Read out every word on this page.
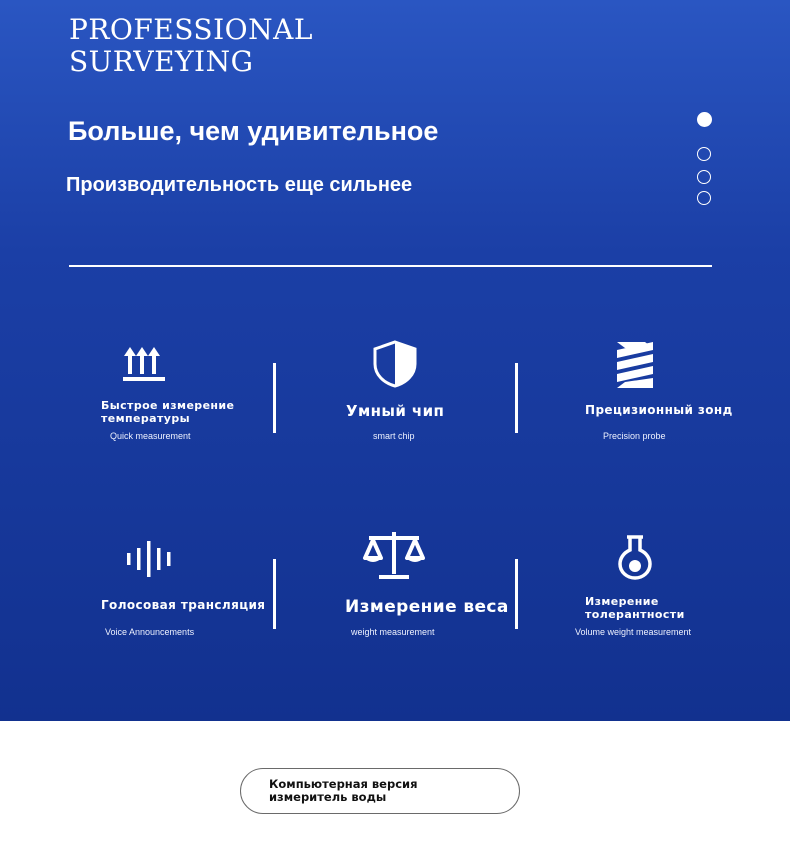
PROFESSIONAL
SURVEYING
Больше, чем удивительное
Производительность еще сильнее
Быстрое измерение температуры
Quick measurement
Умный чип
smart chip
Прецизионный зонд
Precision probe
Голосовая трансляция
Voice Announcements
Измерение веса
weight measurement
Измерение толерантности
Volume weight measurement
Компьютерная версия измеритель воды
